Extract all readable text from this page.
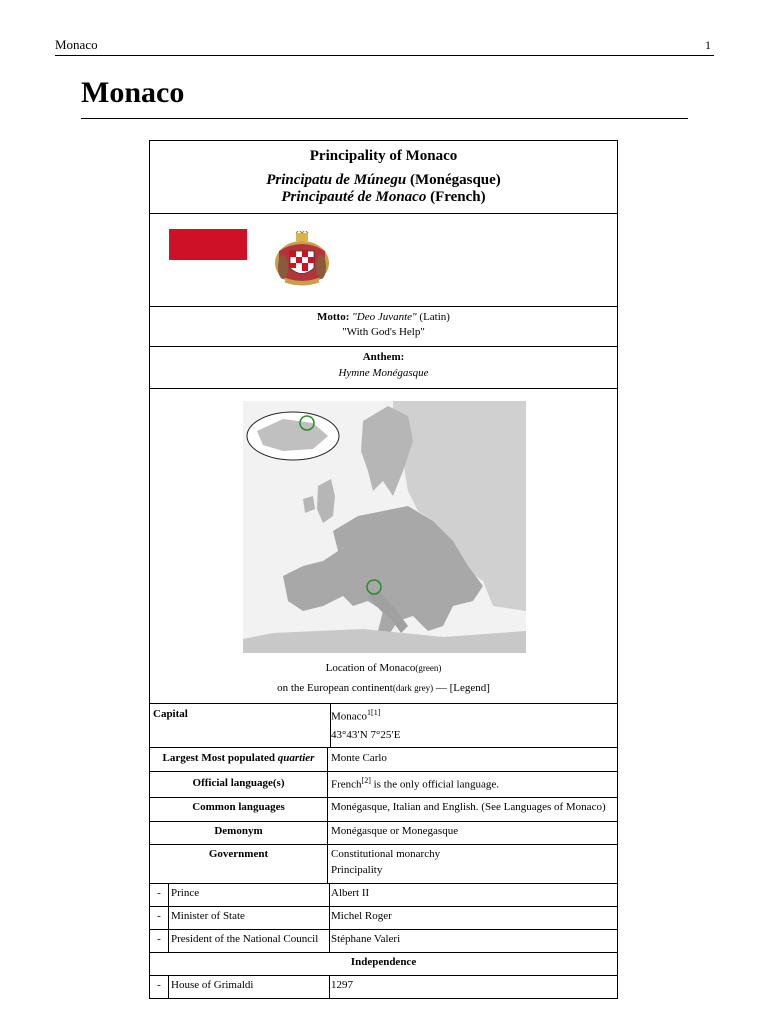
Monaco	1
Monaco
Principality of Monaco
Principatu de Múnegu (Monégasque)
Principauté de Monaco (French)
Motto: "Deo Juvante" (Latin)
"With God's Help"
Anthem:
Hymne Monégasque
Location of Monaco(green)
on the European continent(dark grey) — [Legend]
Capital	Monaco$^{1[1]}$
43°43′N 7°25′E
Largest Most populated quartier	Monte Carlo
Official language(s)	French[2] is the only official language.
Common languages	Monégasque, Italian and English. (See Languages of Monaco)
Demonym	Monégasque or Monegasque
Government	Constitutional monarchy
Principality
- Prince	Albert II
- Minister of State	Michel Roger
- President of the National Council	Stéphane Valeri
Independence
- House of Grimaldi	1297
